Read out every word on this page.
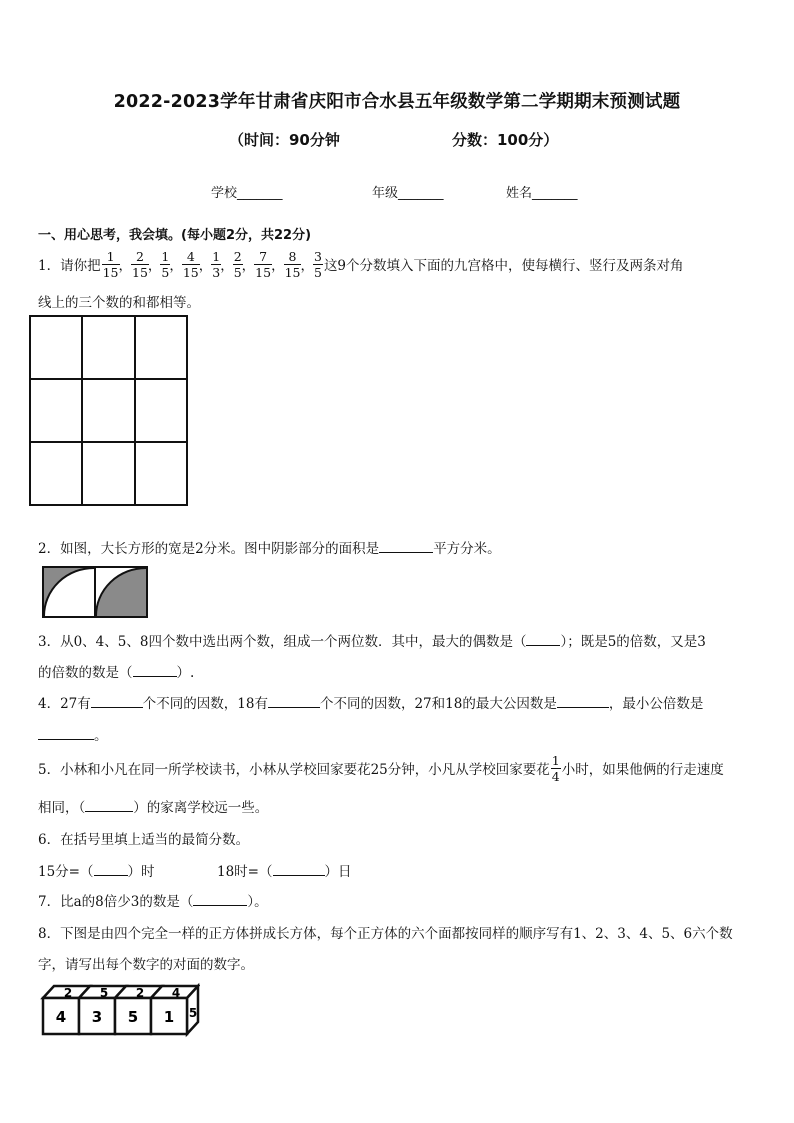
2022-2023学年甘肃省庆阳市合水县五年级数学第二学期期末预测试题
（时间：90分钟	分数：100分）
学校_______	年级_______	姓名_______
一、用心思考，我会填。(每小题2分，共22分)
1．请你把 $\frac{1}{15}$ ， $\frac{2}{15}$ ， $\frac{1}{5}$ ， $\frac{4}{15}$ ， $\frac{1}{3}$ ， $\frac{2}{5}$ ， $\frac{7}{15}$ ， $\frac{8}{15}$ ， $\frac{3}{5}$ 这9个分数填入下面的九宫格中，使每横行、竖行及两条对角
线上的三个数的和都相等。
2．如图，大长方形的宽是2分米。图中阴影部分的面积是	平方分米。
3．从0、4、5、8四个数中选出两个数，组成一个两位数．其中，最大的偶数是（	）；既是5的倍数，又是3
的倍数的数是（	）.
4．27有	个不同的因数，18有	个不同的因数，27和18的最大公因数是	，最小公倍数是
。
5．小林和小凡在同一所学校读书，小林从学校回家要花25分钟，小凡从学校回家要花 $\frac{1}{4}$ 小时，如果他俩的行走速度
相同，（	）的家离学校远一些。
6．在括号里填上适当的最简分数。
15分=（	）时	18时=（	）日
7．比a的8倍少3的数是（	）。
8．下图是由四个完全一样的正方体拼成长方体，每个正方体的六个面都按同样的顺序写有1、2、3、4、5、6六个数
字，请写出每个数字的对面的数字。
4 3 5 1
2 5 2 4
5
